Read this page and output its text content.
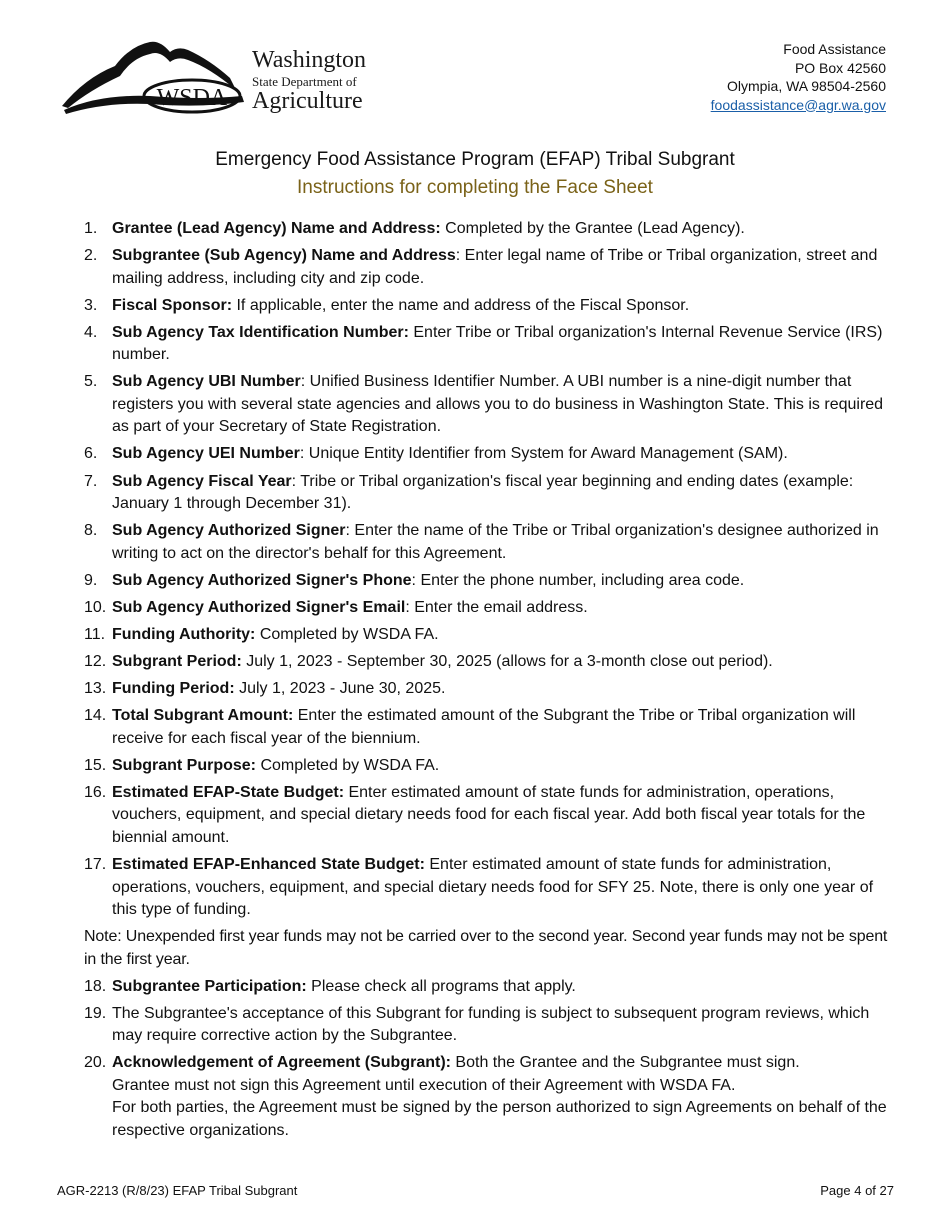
WSDA
Washington
State Department of
Agriculture
Food Assistance
PO Box 42560
Olympia, WA 98504-2560
foodassistance@agr.wa.gov
Emergency Food Assistance Program (EFAP) Tribal Subgrant
Instructions for completing the Face Sheet
1. Grantee (Lead Agency) Name and Address: Completed by the Grantee (Lead Agency).
2. Subgrantee (Sub Agency) Name and Address: Enter legal name of Tribe or Tribal organization, street and mailing address, including city and zip code.
3. Fiscal Sponsor: If applicable, enter the name and address of the Fiscal Sponsor.
4. Sub Agency Tax Identification Number: Enter Tribe or Tribal organization's Internal Revenue Service (IRS) number.
5. Sub Agency UBI Number: Unified Business Identifier Number. A UBI number is a nine-digit number that registers you with several state agencies and allows you to do business in Washington State. This is required as part of your Secretary of State Registration.
6. Sub Agency UEI Number: Unique Entity Identifier from System for Award Management (SAM).
7. Sub Agency Fiscal Year: Tribe or Tribal organization's fiscal year beginning and ending dates (example: January 1 through December 31).
8. Sub Agency Authorized Signer: Enter the name of the Tribe or Tribal organization's designee authorized in writing to act on the director's behalf for this Agreement.
9. Sub Agency Authorized Signer's Phone: Enter the phone number, including area code.
10. Sub Agency Authorized Signer's Email: Enter the email address.
11. Funding Authority: Completed by WSDA FA.
12. Subgrant Period: July 1, 2023 - September 30, 2025 (allows for a 3-month close out period).
13. Funding Period: July 1, 2023 - June 30, 2025.
14. Total Subgrant Amount: Enter the estimated amount of the Subgrant the Tribe or Tribal organization will receive for each fiscal year of the biennium.
15. Subgrant Purpose: Completed by WSDA FA.
16. Estimated EFAP-State Budget: Enter estimated amount of state funds for administration, operations, vouchers, equipment, and special dietary needs food for each fiscal year. Add both fiscal year totals for the biennial amount.
17. Estimated EFAP-Enhanced State Budget: Enter estimated amount of state funds for administration, operations, vouchers, equipment, and special dietary needs food for SFY 25. Note, there is only one year of this type of funding.
Note: Unexpended first year funds may not be carried over to the second year. Second year funds may not be spent in the first year.
18. Subgrantee Participation: Please check all programs that apply.
19. The Subgrantee's acceptance of this Subgrant for funding is subject to subsequent program reviews, which may require corrective action by the Subgrantee.
20. Acknowledgement of Agreement (Subgrant): Both the Grantee and the Subgrantee must sign.
Grantee must not sign this Agreement until execution of their Agreement with WSDA FA.
For both parties, the Agreement must be signed by the person authorized to sign Agreements on behalf of the respective organizations.
AGR-2213 (R/8/23) EFAP Tribal Subgrant	Page 4 of 27
